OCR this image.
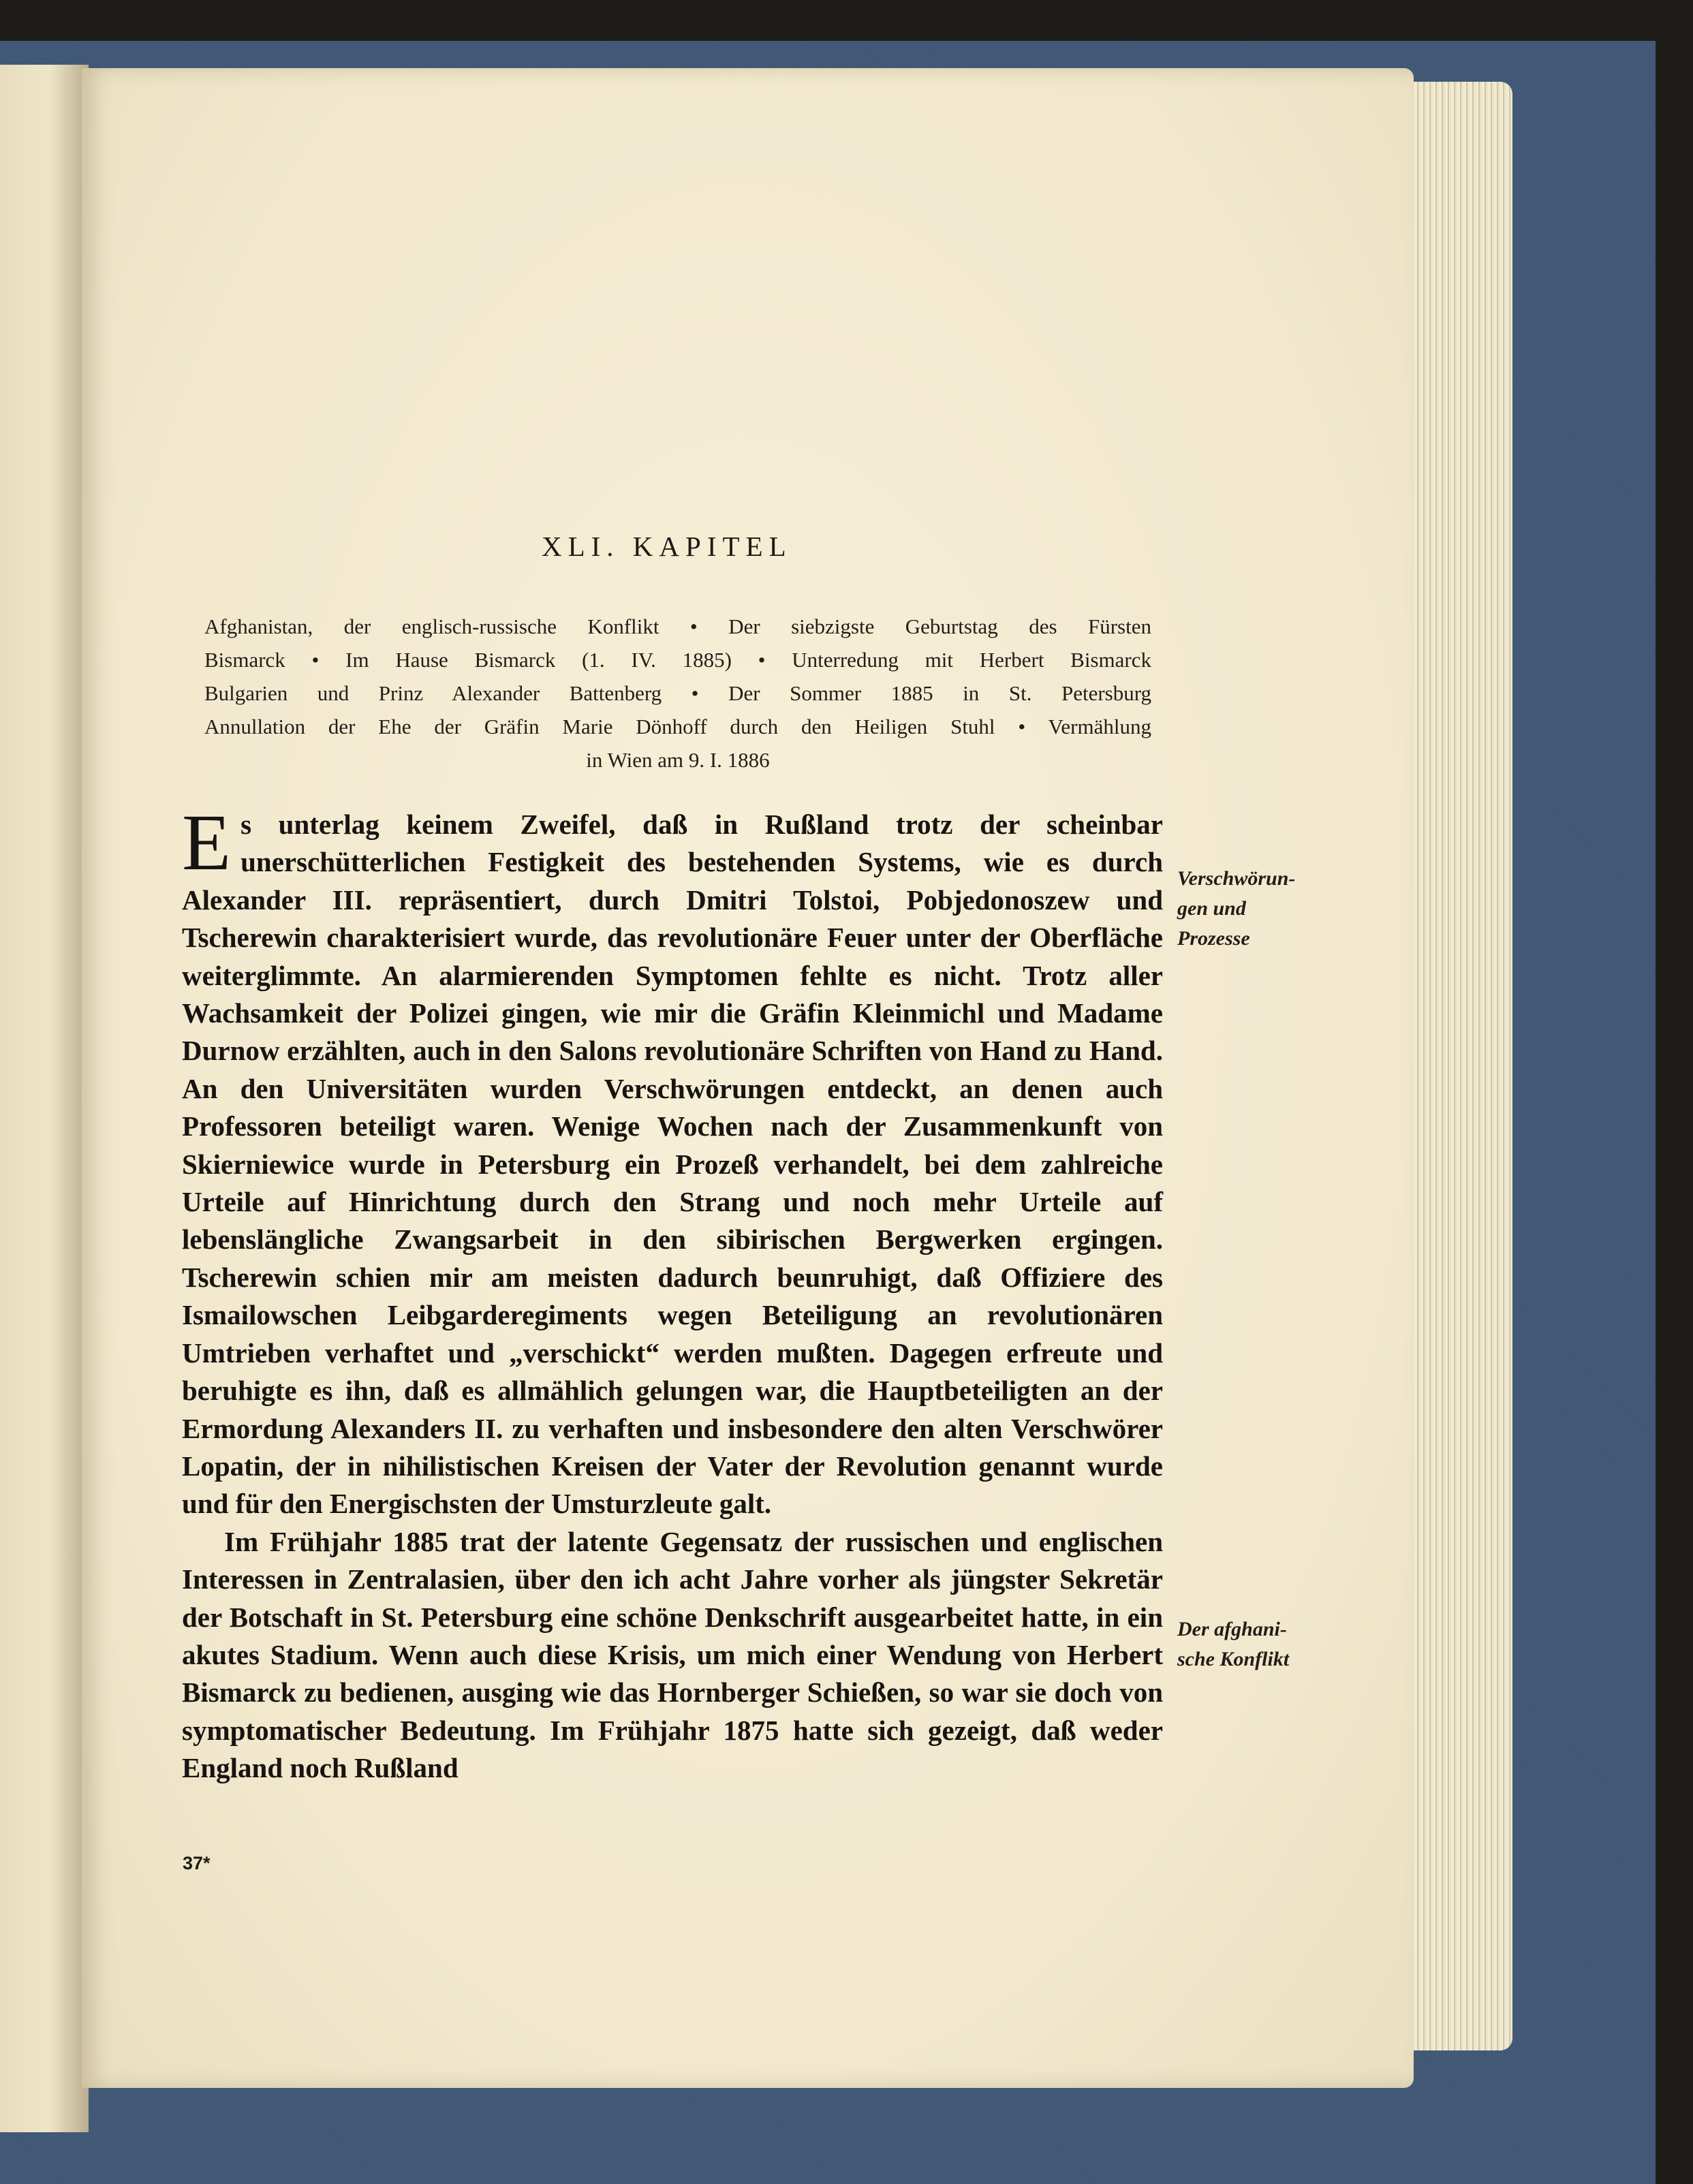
XLI. KAPITEL
Afghanistan, der englisch-russische Konflikt • Der siebzigste Geburtstag des Fürsten
Bismarck • Im Hause Bismarck (1. IV. 1885) • Unterredung mit Herbert Bismarck
Bulgarien und Prinz Alexander Battenberg • Der Sommer 1885 in St. Petersburg
Annullation der Ehe der Gräfin Marie Dönhoff durch den Heiligen Stuhl • Vermählung

in Wien am 9. I. 1886

Es unterlag keinem Zweifel, daß in Rußland trotz der scheinbar unerschütterlichen Festigkeit des bestehenden Systems, wie es durch Alexander III. repräsentiert, durch Dmitri Tolstoi, Pobjedonoszew und Tscherewin charakterisiert wurde, das revolutionäre Feuer unter der Oberfläche weiterglimmte. An alarmierenden Symptomen fehlte es nicht. Trotz aller Wachsamkeit der Polizei gingen, wie mir die Gräfin Kleinmichl und Madame Durnow erzählten, auch in den Salons revolutionäre Schriften von Hand zu Hand. An den Universitäten wurden Verschwörungen entdeckt, an denen auch Professoren beteiligt waren. Wenige Wochen nach der Zusammenkunft von Skierniewice wurde in Petersburg ein Prozeß verhandelt, bei dem zahlreiche Urteile auf Hinrichtung durch den Strang und noch mehr Urteile auf lebenslängliche Zwangsarbeit in den sibirischen Bergwerken ergingen. Tscherewin schien mir am meisten dadurch beunruhigt, daß Offiziere des Ismailowschen Leibgarderegiments wegen Beteiligung an revolutionären Umtrieben verhaftet und „verschickt“ werden mußten. Dagegen erfreute und beruhigte es ihn, daß es allmählich gelungen war, die Hauptbeteiligten an der Ermordung Alexanders II. zu verhaften und insbesondere den alten Verschwörer Lopatin, der in nihilistischen Kreisen der Vater der Revolution genannt wurde und für den Energischsten der Umsturzleute galt.

Im Frühjahr 1885 trat der latente Gegensatz der russischen und englischen Interessen in Zentralasien, über den ich acht Jahre vorher als jüngster Sekretär der Botschaft in St. Petersburg eine schöne Denkschrift ausgearbeitet hatte, in ein akutes Stadium. Wenn auch diese Krisis, um mich einer Wendung von Herbert Bismarck zu bedienen, ausging wie das Hornberger Schießen, so war sie doch von symptomatischer Bedeutung. Im Frühjahr 1875 hatte sich gezeigt, daß weder England noch Rußland

Verschwörun-
gen und
Prozesse
Der afghani-
sche Konflikt
37*
